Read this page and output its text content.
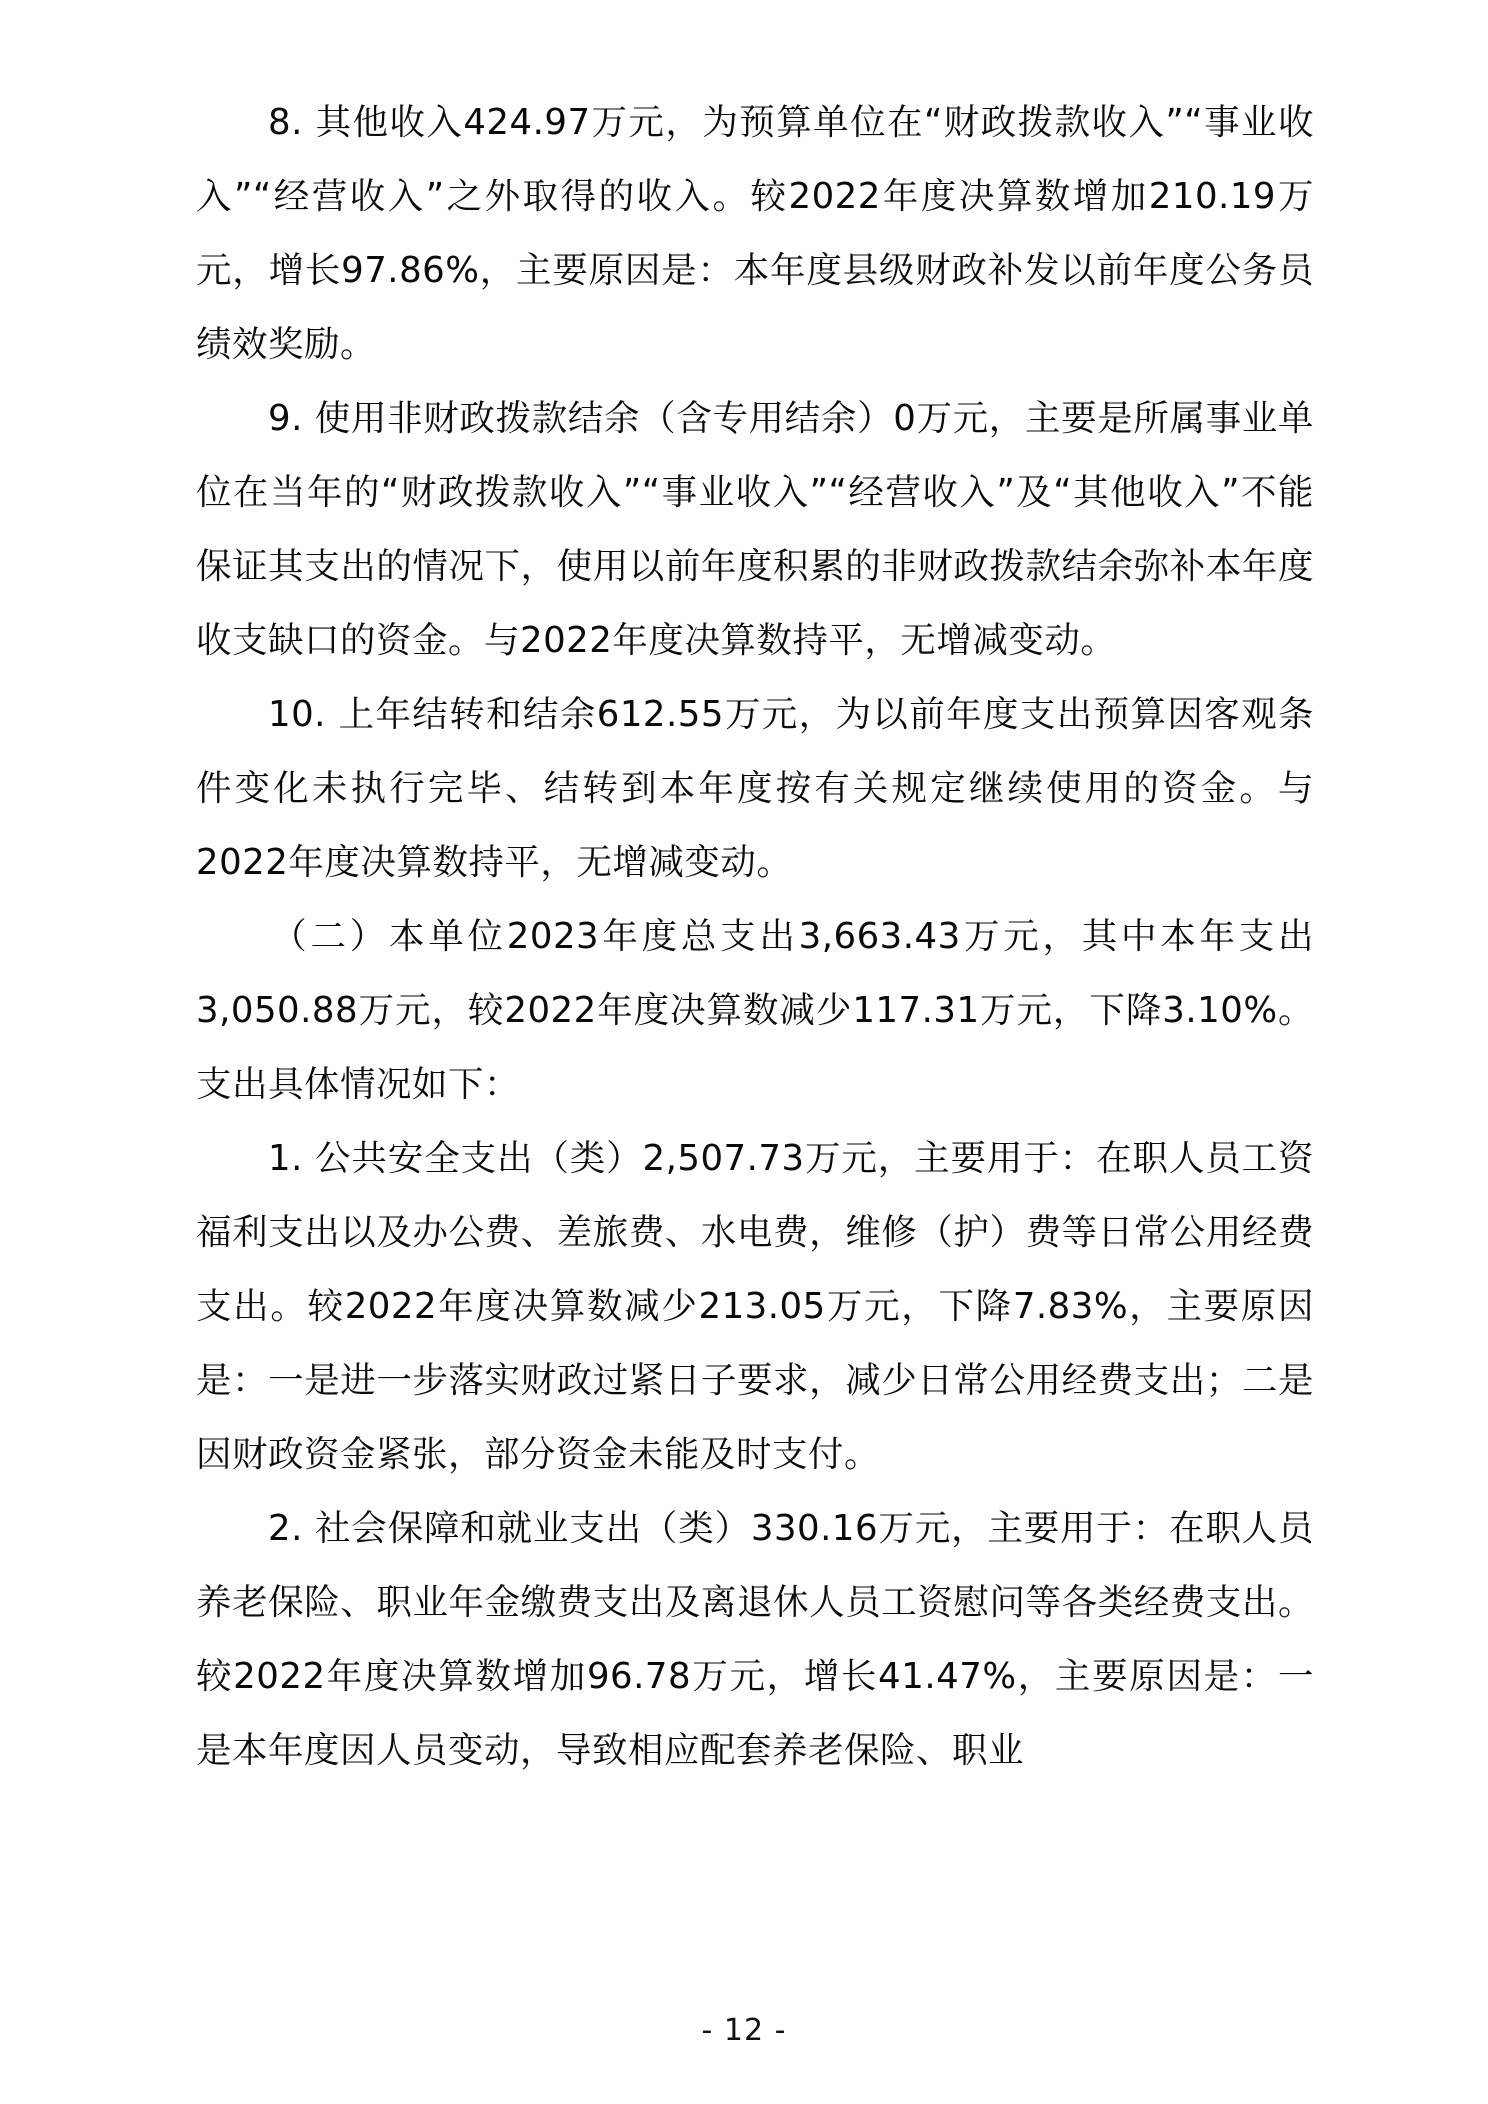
8. 其他收入424.97万元，为预算单位在“财政拨款收入”“事业收入”“经营收入”之外取得的收入。较2022年度决算数增加210.19万元，增长97.86%，主要原因是：本年度县级财政补发以前年度公务员绩效奖励。

9. 使用非财政拨款结余（含专用结余）0万元，主要是所属事业单位在当年的“财政拨款收入”“事业收入”“经营收入”及“其他收入”不能保证其支出的情况下，使用以前年度积累的非财政拨款结余弥补本年度收支缺口的资金。与2022年度决算数持平，无增减变动。

10. 上年结转和结余612.55万元，为以前年度支出预算因客观条件变化未执行完毕、结转到本年度按有关规定继续使用的资金。与2022年度决算数持平，无增减变动。

（二）本单位2023年度总支出3,663.43万元，其中本年支出3,050.88万元，较2022年度决算数减少117.31万元，下降3.10%。支出具体情况如下：

1. 公共安全支出（类）2,507.73万元，主要用于：在职人员工资福利支出以及办公费、差旅费、水电费，维修（护）费等日常公用经费支出。较2022年度决算数减少213.05万元，下降7.83%，主要原因是：一是进一步落实财政过紧日子要求，减少日常公用经费支出；二是因财政资金紧张，部分资金未能及时支付。

2. 社会保障和就业支出（类）330.16万元，主要用于：在职人员养老保险、职业年金缴费支出及离退休人员工资慰问等各类经费支出。较2022年度决算数增加96.78万元，增长41.47%，主要原因是：一是本年度因人员变动，导致相应配套养老保险、职业

- 12 -
